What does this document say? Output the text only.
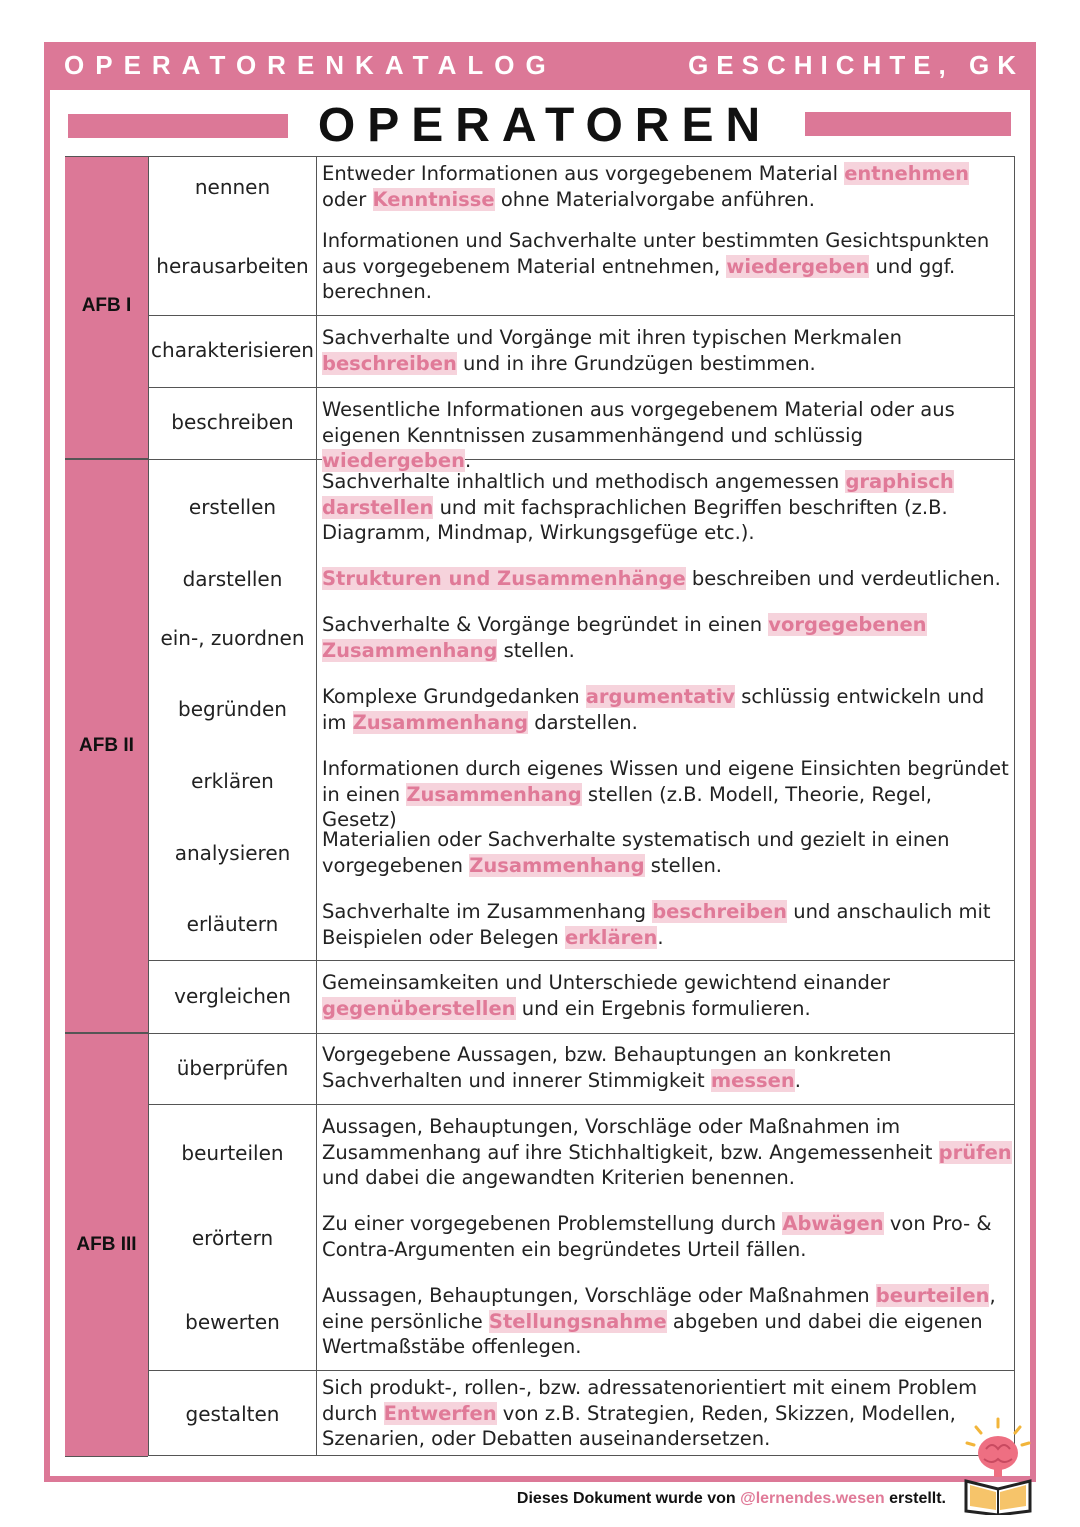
OPERATORENKATALOG	GESCHICHTE, GK
OPERATOREN
AFB I
AFB II
AFB III
nennen
herausarbeiten
charakterisieren
beschreiben
erstellen
darstellen
ein-, zuordnen
begründen
erklären
analysieren
erläutern
vergleichen
überprüfen
beurteilen
erörtern
bewerten
gestalten
Entweder Informationen aus vorgegebenem Material entnehmen oder Kenntnisse ohne Materialvorgabe anführen.
Informationen und Sachverhalte unter bestimmten Gesichtspunkten aus vorgegebenem Material entnehmen, wiedergeben und ggf. berechnen.
Sachverhalte und Vorgänge mit ihren typischen Merkmalen beschreiben und in ihre Grundzügen bestimmen.
Wesentliche Informationen aus vorgegebenem Material oder aus eigenen Kenntnissen zusammenhängend und schlüssig wiedergeben.
Sachverhalte inhaltlich und methodisch angemessen graphisch darstellen und mit fachsprachlichen Begriffen beschriften (z.B. Diagramm, Mindmap, Wirkungsgefüge etc.).
Strukturen und Zusammenhänge beschreiben und verdeutlichen.
Sachverhalte & Vorgänge begründet in einen vorgegebenen Zusammenhang stellen.
Komplexe Grundgedanken argumentativ schlüssig entwickeln und im Zusammenhang darstellen.
Informationen durch eigenes Wissen und eigene Einsichten begründet in einen Zusammenhang stellen (z.B. Modell, Theorie, Regel, Gesetz)
Materialien oder Sachverhalte systematisch und gezielt in einen vorgegebenen Zusammenhang stellen.
Sachverhalte im Zusammenhang beschreiben und anschaulich mit Beispielen oder Belegen erklären.
Gemeinsamkeiten und Unterschiede gewichtend einander gegenüberstellen und ein Ergebnis formulieren.
Vorgegebene Aussagen, bzw. Behauptungen an konkreten Sachverhalten und innerer Stimmigkeit messen.
Aussagen, Behauptungen, Vorschläge oder Maßnahmen im Zusammenhang auf ihre Stichhaltigkeit, bzw. Angemessenheit prüfen und dabei die angewandten Kriterien benennen.
Zu einer vorgegebenen Problemstellung durch Abwägen von Pro- & Contra-Argumenten ein begründetes Urteil fällen.
Aussagen, Behauptungen, Vorschläge oder Maßnahmen beurteilen, eine persönliche Stellungsnahme abgeben und dabei die eigenen Wertmaßstäbe offenlegen.
Sich produkt-, rollen-, bzw. adressatenorientiert mit einem Problem durch Entwerfen von z.B. Strategien, Reden, Skizzen, Modellen, Szenarien, oder Debatten auseinandersetzen.
Dieses Dokument wurde von @lernendes.wesen erstellt.
